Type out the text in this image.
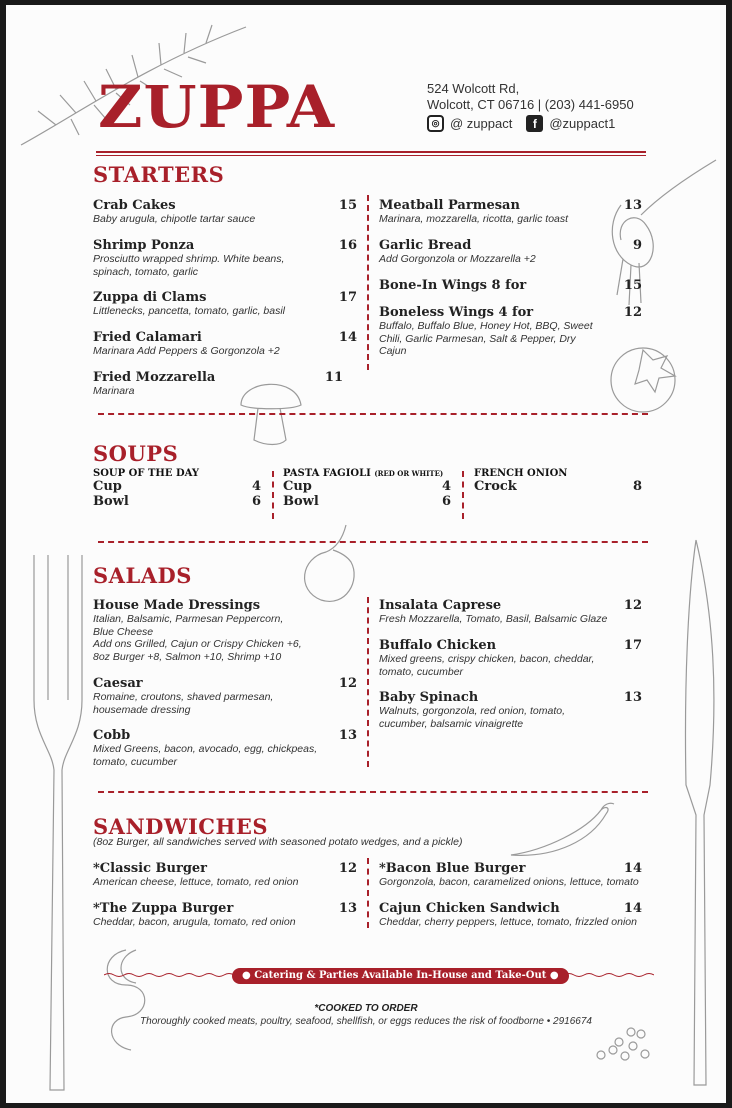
ZUPPA	524 Wolcott Rd,
Wolcott, CT 06716 | (203) 441-6950
◎ @ zuppact	f @zuppact1
STARTERS
Crab Cakes	15
Baby arugula, chipotle tartar sauce
Shrimp Ponza	16
Prosciutto wrapped shrimp. White beans, spinach, tomato, garlic
Zuppa di Clams	17
Littlenecks, pancetta, tomato, garlic, basil
Fried Calamari	14
Marinara Add Peppers & Gorgonzola +2
Fried Mozzarella	11
Marinara
Meatball Parmesan	13
Marinara, mozzarella, ricotta, garlic toast
Garlic Bread	9
Add Gorgonzola or Mozzarella +2
Bone-In Wings 8 for	15
Boneless Wings 4 for	12
Buffalo, Buffalo Blue, Honey Hot, BBQ, Sweet Chili, Garlic Parmesan, Salt & Pepper, Dry Cajun
SOUPS
SOUP OF THE DAY
Cup	4
Bowl	6
PASTA FAGIOLI (RED OR WHITE)
Cup	4
Bowl	6
FRENCH ONION
Crock	8
SALADS
House Made Dressings
Italian, Balsamic, Parmesan Peppercorn, Blue Cheese
Add ons Grilled, Cajun or Crispy Chicken +6, 8oz Burger +8, Salmon +10, Shrimp +10
Caesar	12
Romaine, croutons, shaved parmesan, housemade dressing
Cobb	13
Mixed Greens, bacon, avocado, egg, chickpeas, tomato, cucumber
Insalata Caprese	12
Fresh Mozzarella, Tomato, Basil, Balsamic Glaze
Buffalo Chicken	17
Mixed greens, crispy chicken, bacon, cheddar, tomato, cucumber
Baby Spinach	13
Walnuts, gorgonzola, red onion, tomato, cucumber, balsamic vinaigrette
SANDWICHES
(8oz Burger, all sandwiches served with seasoned potato wedges, and a pickle)
*Classic Burger	12
American cheese, lettuce, tomato, red onion
*The Zuppa Burger	13
Cheddar, bacon, arugula, tomato, red onion
*Bacon Blue Burger	14
Gorgonzola, bacon, caramelized onions, lettuce, tomato
Cajun Chicken Sandwich	14
Cheddar, cherry peppers, lettuce, tomato, frizzled onion
● Catering & Parties Available In-House and Take-Out ●
*COOKED TO ORDER
Thoroughly cooked meats, poultry, seafood, shellfish, or eggs reduces the risk of foodborne • 2916674
